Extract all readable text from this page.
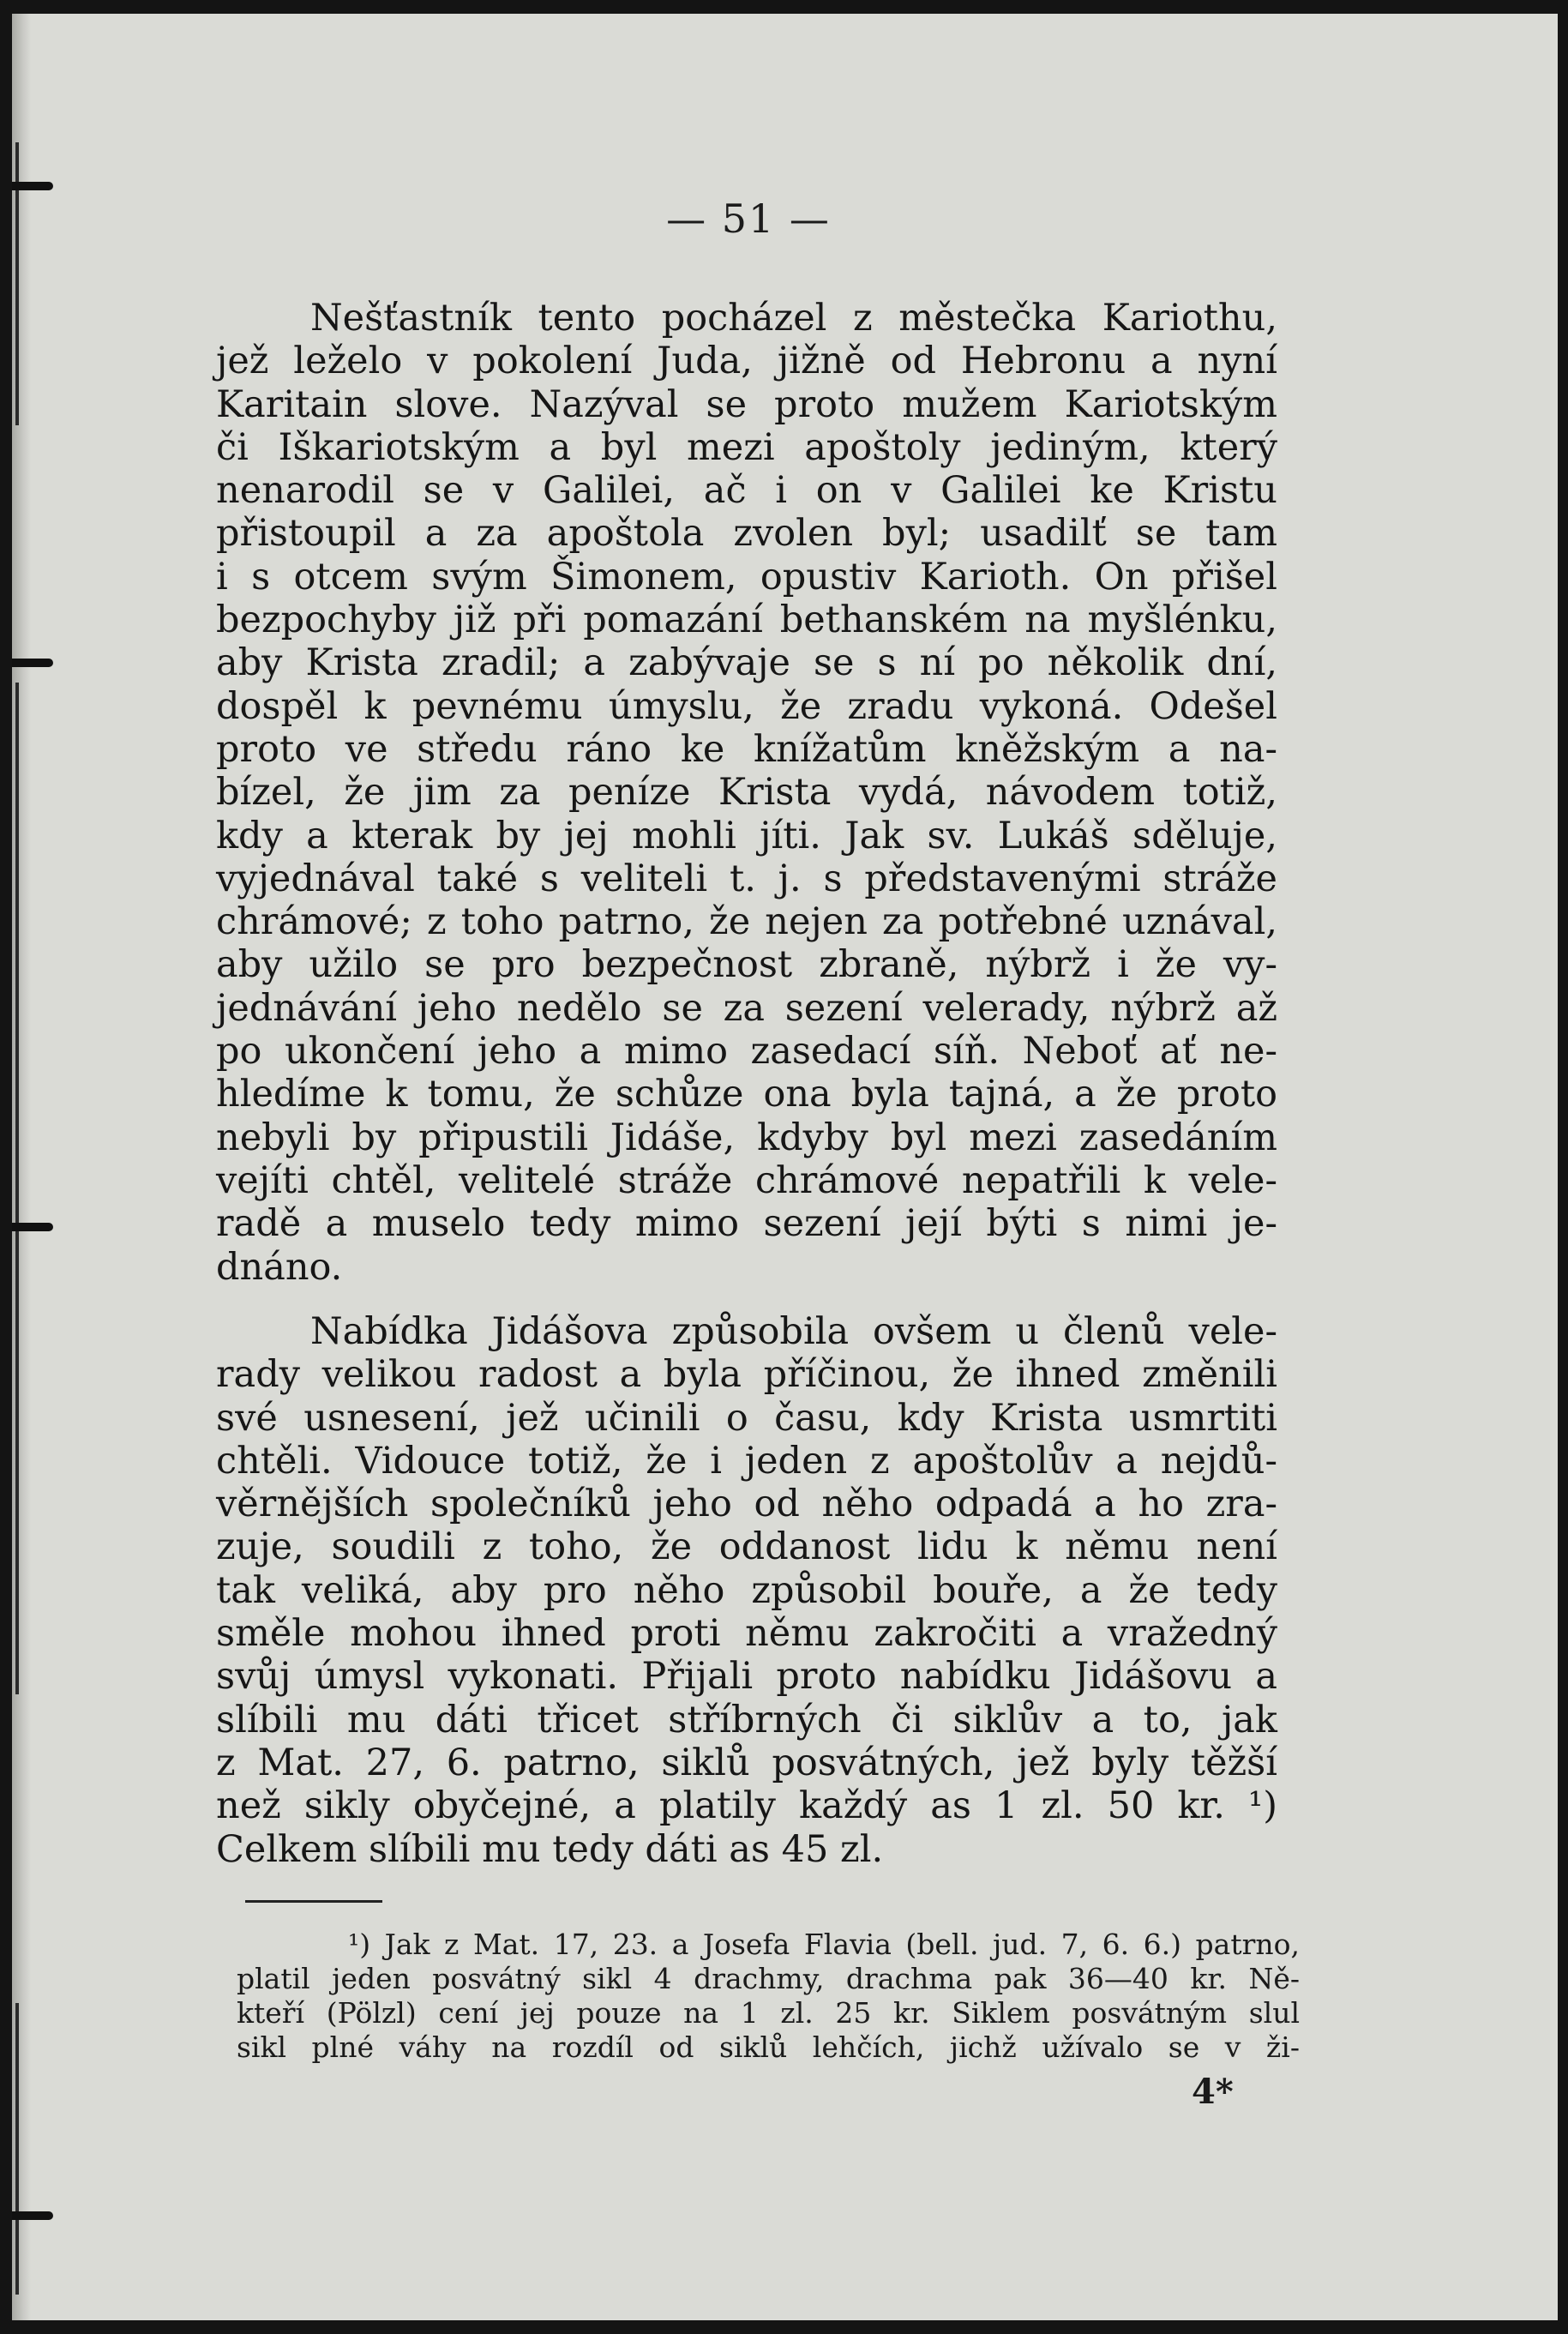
— 51 —
Nešťastník tento pocházel z městečka Kariothu,
jež leželo v pokolení Juda, jižně od Hebronu a nyní
Karitain slove. Nazýval se proto mužem Kariotským
či Iškariotským a byl mezi apoštoly jediným, který
nenarodil se v Galilei, ač i on v Galilei ke Kristu
přistoupil a za apoštola zvolen byl; usadilť se tam
i s otcem svým Šimonem, opustiv Karioth. On přišel
bezpochyby již při pomazání bethanském na myšlénku,
aby Krista zradil; a zabývaje se s ní po několik dní,
dospěl k pevnému úmyslu, že zradu vykoná. Odešel
proto ve středu ráno ke knížatům kněžským a na-
bízel, že jim za peníze Krista vydá, návodem totiž,
kdy a kterak by jej mohli jíti. Jak sv. Lukáš sděluje,
vyjednával také s veliteli t. j. s představenými stráže
chrámové; z toho patrno, že nejen za potřebné uznával,
aby užilo se pro bezpečnost zbraně, nýbrž i že vy-
jednávání jeho nedělo se za sezení velerady, nýbrž až
po ukončení jeho a mimo zasedací síň. Neboť ať ne-
hledíme k tomu, že schůze ona byla tajná, a že proto
nebyli by připustili Jidáše, kdyby byl mezi zasedáním
vejíti chtěl, velitelé stráže chrámové nepatřili k vele-
radě a muselo tedy mimo sezení její býti s nimi je-
dnáno.
Nabídka Jidášova způsobila ovšem u členů vele-
rady velikou radost a byla příčinou, že ihned změnili
své usnesení, jež učinili o času, kdy Krista usmrtiti
chtěli. Vidouce totiž, že i jeden z apoštolův a nejdů-
věrnějších společníků jeho od něho odpadá a ho zra-
zuje, soudili z toho, že oddanost lidu k němu není
tak veliká, aby pro něho způsobil bouře, a že tedy
směle mohou ihned proti němu zakročiti a vražedný
svůj úmysl vykonati. Přijali proto nabídku Jidášovu a
slíbili mu dáti třicet stříbrných či siklův a to, jak
z Mat. 27, 6. patrno, siklů posvátných, jež byly těžší
než sikly obyčejné, a platily každý as 1 zl. 50 kr. ¹)
Celkem slíbili mu tedy dáti as 45 zl.
¹) Jak z Mat. 17, 23. a Josefa Flavia (bell. jud. 7, 6. 6.) patrno,
platil jeden posvátný sikl 4 drachmy, drachma pak 36—40 kr. Ně-
kteří (Pölzl) cení jej pouze na 1 zl. 25 kr. Siklem posvátným slul
sikl plné váhy na rozdíl od siklů lehčích, jichž užívalo se v ži-
4*
